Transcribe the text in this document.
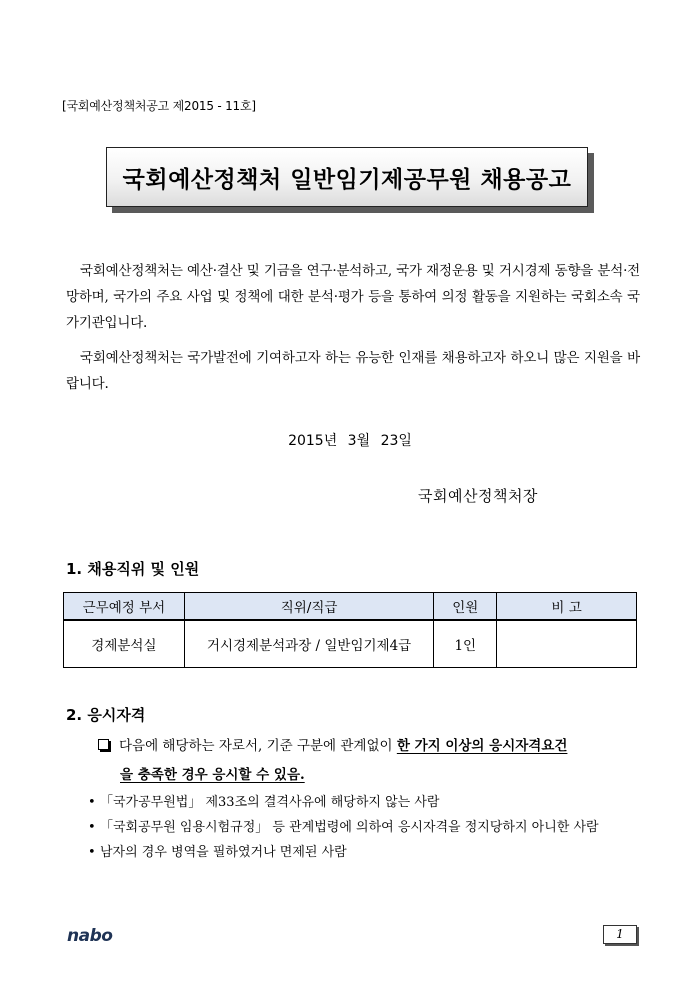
[국회예산정책처공고 제2015 - 11호]
국회예산정책처 일반임기제공무원 채용공고

국회예산정책처는 예산·결산 및 기금을 연구·분석하고, 국가 재정운용 및 거시경제 동향을 분석·전망하며, 국가의 주요 사업 및 정책에 대한 분석·평가 등을 통하여 의정 활동을 지원하는 국회소속 국가기관입니다.

국회예산정책처는 국가발전에 기여하고자 하는 유능한 인재를 채용하고자 하오니 많은 지원을 바랍니다.

2015년 3월 23일
국회예산정책처장
1. 채용직위 및 인원
근무예정 부서	직위/직급	인원	비 고
경제분석실	거시경제분석과장 / 일반임기제4급	1인	
2. 응시자격
다음에 해당하는 자로서, 기준 구분에 관계없이 한 가지 이상의 응시자격요건
을 충족한 경우 응시할 수 있음.
• 「국가공무원법」 제33조의 결격사유에 해당하지 않는 사람
• 「국회공무원 임용시험규정」 등 관계법령에 의하여 응시자격을 정지당하지 아니한 사람
• 남자의 경우 병역을 필하였거나 면제된 사람
nabo	1
